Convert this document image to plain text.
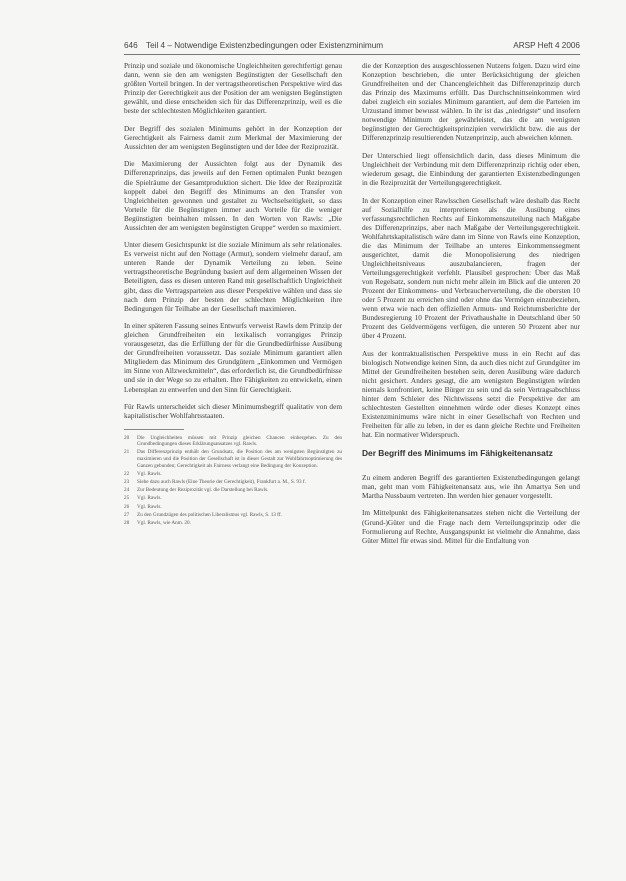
646 Teil 4 – Notwendige Existenzbedingungen oder Existenzminimum	ARSP Heft 4 2006

Prinzip und soziale und ökonomische Ungleichheiten gerechtfertigt genau dann, wenn sie den am wenigsten Begünstigten der Gesellschaft den größten Vorteil bringen. In der vertragstheoretischen Perspektive wird das Prinzip der Gerechtigkeit aus der Position der am wenigsten Begünstigten gewählt, und diese entscheiden sich für das Differenzprinzip, weil es die beste der schlechtesten Möglichkeiten garantiert.

Der Begriff des sozialen Minimums gehört in der Konzeption der Gerechtigkeit als Fairness damit zum Merkmal der Maximierung der Aussichten der am wenigsten Begünstigten und der Idee der Reziprozität.

Die Maximierung der Aussichten folgt aus der Dynamik des Differenzprinzips, das jeweils auf den Fernen optimalen Punkt bezogen die Spielräume der Gesamtproduktion sichert. Die Idee der Reziprozität koppelt dabei den Begriff des Minimums an den Transfer von Ungleichheiten gewonnen und gestaltet zu Wechselseitigkeit, so dass Vorteile für die Begünstigten immer auch Vorteile für die weniger Begünstigten beinhalten müssen. In den Worten von Rawls: „Die Aussichten der am wenigsten begünstigten Gruppe“ werden so maximiert.

Unter diesem Gesichtspunkt ist die soziale Minimum als sehr relationales. Es verweist nicht auf den Nottage (Armut), sondern vielmehr darauf, am unteren Rande der Dynamik Verteilung zu leben. Seine vertragstheoretische Begründung basiert auf dem allgemeinen Wissen der Beteiligten, dass es diesen unteren Rand mit gesellschaftlich Ungleichheit gibt, dass die Vertragsparteien aus dieser Perspektive wählen und dass sie nach dem Prinzip der besten der schlechten Möglichkeiten ihre Bedingungen für Teilhabe an der Gesellschaft maximieren.

In einer späteren Fassung seines Entwurfs verweist Rawls dem Prinzip der gleichen Grundfreiheiten ein lexikalisch vorrangiges Prinzip vorausgesetzt, das die Erfüllung der für die Grundbedürfnisse Ausübung der Grundfreiheiten voraussetzt. Das soziale Minimum garantiert allen Mitgliedern das Minimum des Grundgütern „Einkommen und Vermögen im Sinne von Allzweckmitteln“, das erforderlich ist, die Grundbedürfnisse und sie in der Wege so zu erhalten. Ihre Fähigkeiten zu entwickeln, einen Lebensplan zu entwerfen und den Sinn für Gerechtigkeit.

Für Rawls unterscheidet sich dieser Minimumsbegriff qualitativ von dem kapitalistischer Wohlfahrtsstaaten.

20	Die Ungleichheiten müssen mit Prinzip gleichen Chancen einhergehen. Zu den Grundbedingungen dieses Erklärungsansatzes vgl. Rawls.
21	Das Differenzprinzip enthält den Grundsatz, die Position des am wenigsten Begünstigten zu maximieren und die Position der Gesellschaft ist in dieser Gestalt zur Wohlfahrtsoptimierung des Ganzen gebunden; Gerechtigkeit als Fairness verlangt eine Bedingung der Konzeption.
22	Vgl. Rawls.
23	Siehe dazu auch Rawls (Eine Theorie der Gerechtigkeit), Frankfurt a. M., S. 93 f.
24	Zur Bedeutung der Reziprozität vgl. die Darstellung bei Rawls.
25	Vgl. Rawls.
26	Vgl. Rawls.
27	Zu den Grundzügen des politischen Liberalismus vgl. Rawls, S. 13 ff.
28	Vgl. Rawls, wie Anm. 20.

die der Konzeption des ausgeschlossenen Nutzens folgen. Dazu wird eine Konzeption beschrieben, die unter Berücksichtigung der gleichen Grundfreiheiten und der Chancengleichheit das Differenzprinzip durch das Prinzip des Maximums erfüllt. Das Durchschnittseinkommen wird dabei zugleich ein soziales Minimum garantiert, auf dem die Parteien im Urzustand immer bewusst wählen. In ihr ist das „niedrigste“ und insofern notwendige Minimum der gewährleistet, das die am wenigsten begünstigten der Gerechtigkeitsprinzipien verwirklicht bzw. die aus der Differenzprinzip resultierenden Nutzenprinzip, auch abweichen können.

Der Unterschied liegt offensichtlich darin, dass dieses Minimum die Ungleichheit der Verbindung mit dem Differenzprinzip richtig oder eben, wiederum gesagt, die Einbindung der garantierten Existenzbedingungen in die Reziprozität der Verteilungsgerechtigkeit.

In der Konzeption einer Rawlsschen Gesellschaft wäre deshalb das Recht auf Sozialhilfe zu interpretieren als die Ausübung eines verfassungsrechtlichen Rechts auf Einkommenszuteilung nach Maßgabe des Differenzprinzips, aber nach Maßgabe der Verteilungsgerechtigkeit. Wohlfahrtskapitalistisch wäre dann im Sinne von Rawls eine Konzeption, die das Minimum der Teilhabe an unteres Einkommenssegment ausgerichtet, damit die Monopolisierung des niedrigen Ungleichheitsniveaus auszubalancieren, fragen der Verteilungsgerechtigkeit verfehlt. Plausibel gesprochen: Über das Maß von Regelsatz, sondern nun nicht mehr allein im Blick auf die unteren 20 Prozent der Einkommens- und Verbraucherverteilung, die die obersten 10 oder 5 Prozent zu erreichen sind oder ohne das Vermögen einzubeziehen, wenn etwa wie nach den offiziellen Armuts- und Reichtumsberichte der Bundesregierung 10 Prozent der Privathaushalte in Deutschland über 50 Prozent des Geldvermögens verfügen, die unteren 50 Prozent aber nur über 4 Prozent.

Aus der kontraktualistischen Perspektive muss in ein Recht auf das biologisch Notwendige keinen Sinn, da auch dies nicht zuf Grundgüter im Mittel der Grundfreiheiten bestehen sein, deren Ausübung wäre dadurch nicht gesichert. Anders gesagt, die am wenigsten Begünstigten würden niemals konfrontiert, keine Bürger zu sein und da sein Vertragsabschluss hinter dem Schleier des Nichtwissens setzt die Perspektive der am schlechtesten Gestellten einnehmen würde oder dieses Konzept eines Existenzminimums wäre nicht in einer Gesellschaft von Rechten und Freiheiten für alle zu leben, in der es dann gleiche Rechte und Freiheiten hat. Ein normativer Widerspruch.

Der Begriff des Minimums im Fähigkeitenansatz

Zu einem anderen Begriff des garantierten Existenzbedingungen gelangt man, geht man vom Fähigkeitenansatz aus, wie ihn Amartya Sen und Martha Nussbaum vertreten. Ihn werden hier genauer vorgestellt.

Im Mittelpunkt des Fähigkeitenansatzes stehen nicht die Verteilung der (Grund-)Güter und die Frage nach dem Verteilungsprinzip oder die Formulierung auf Rechte, Ausgangspunkt ist vielmehr die Annahme, dass Güter Mittel für etwas sind. Mittel für die Entfaltung von
